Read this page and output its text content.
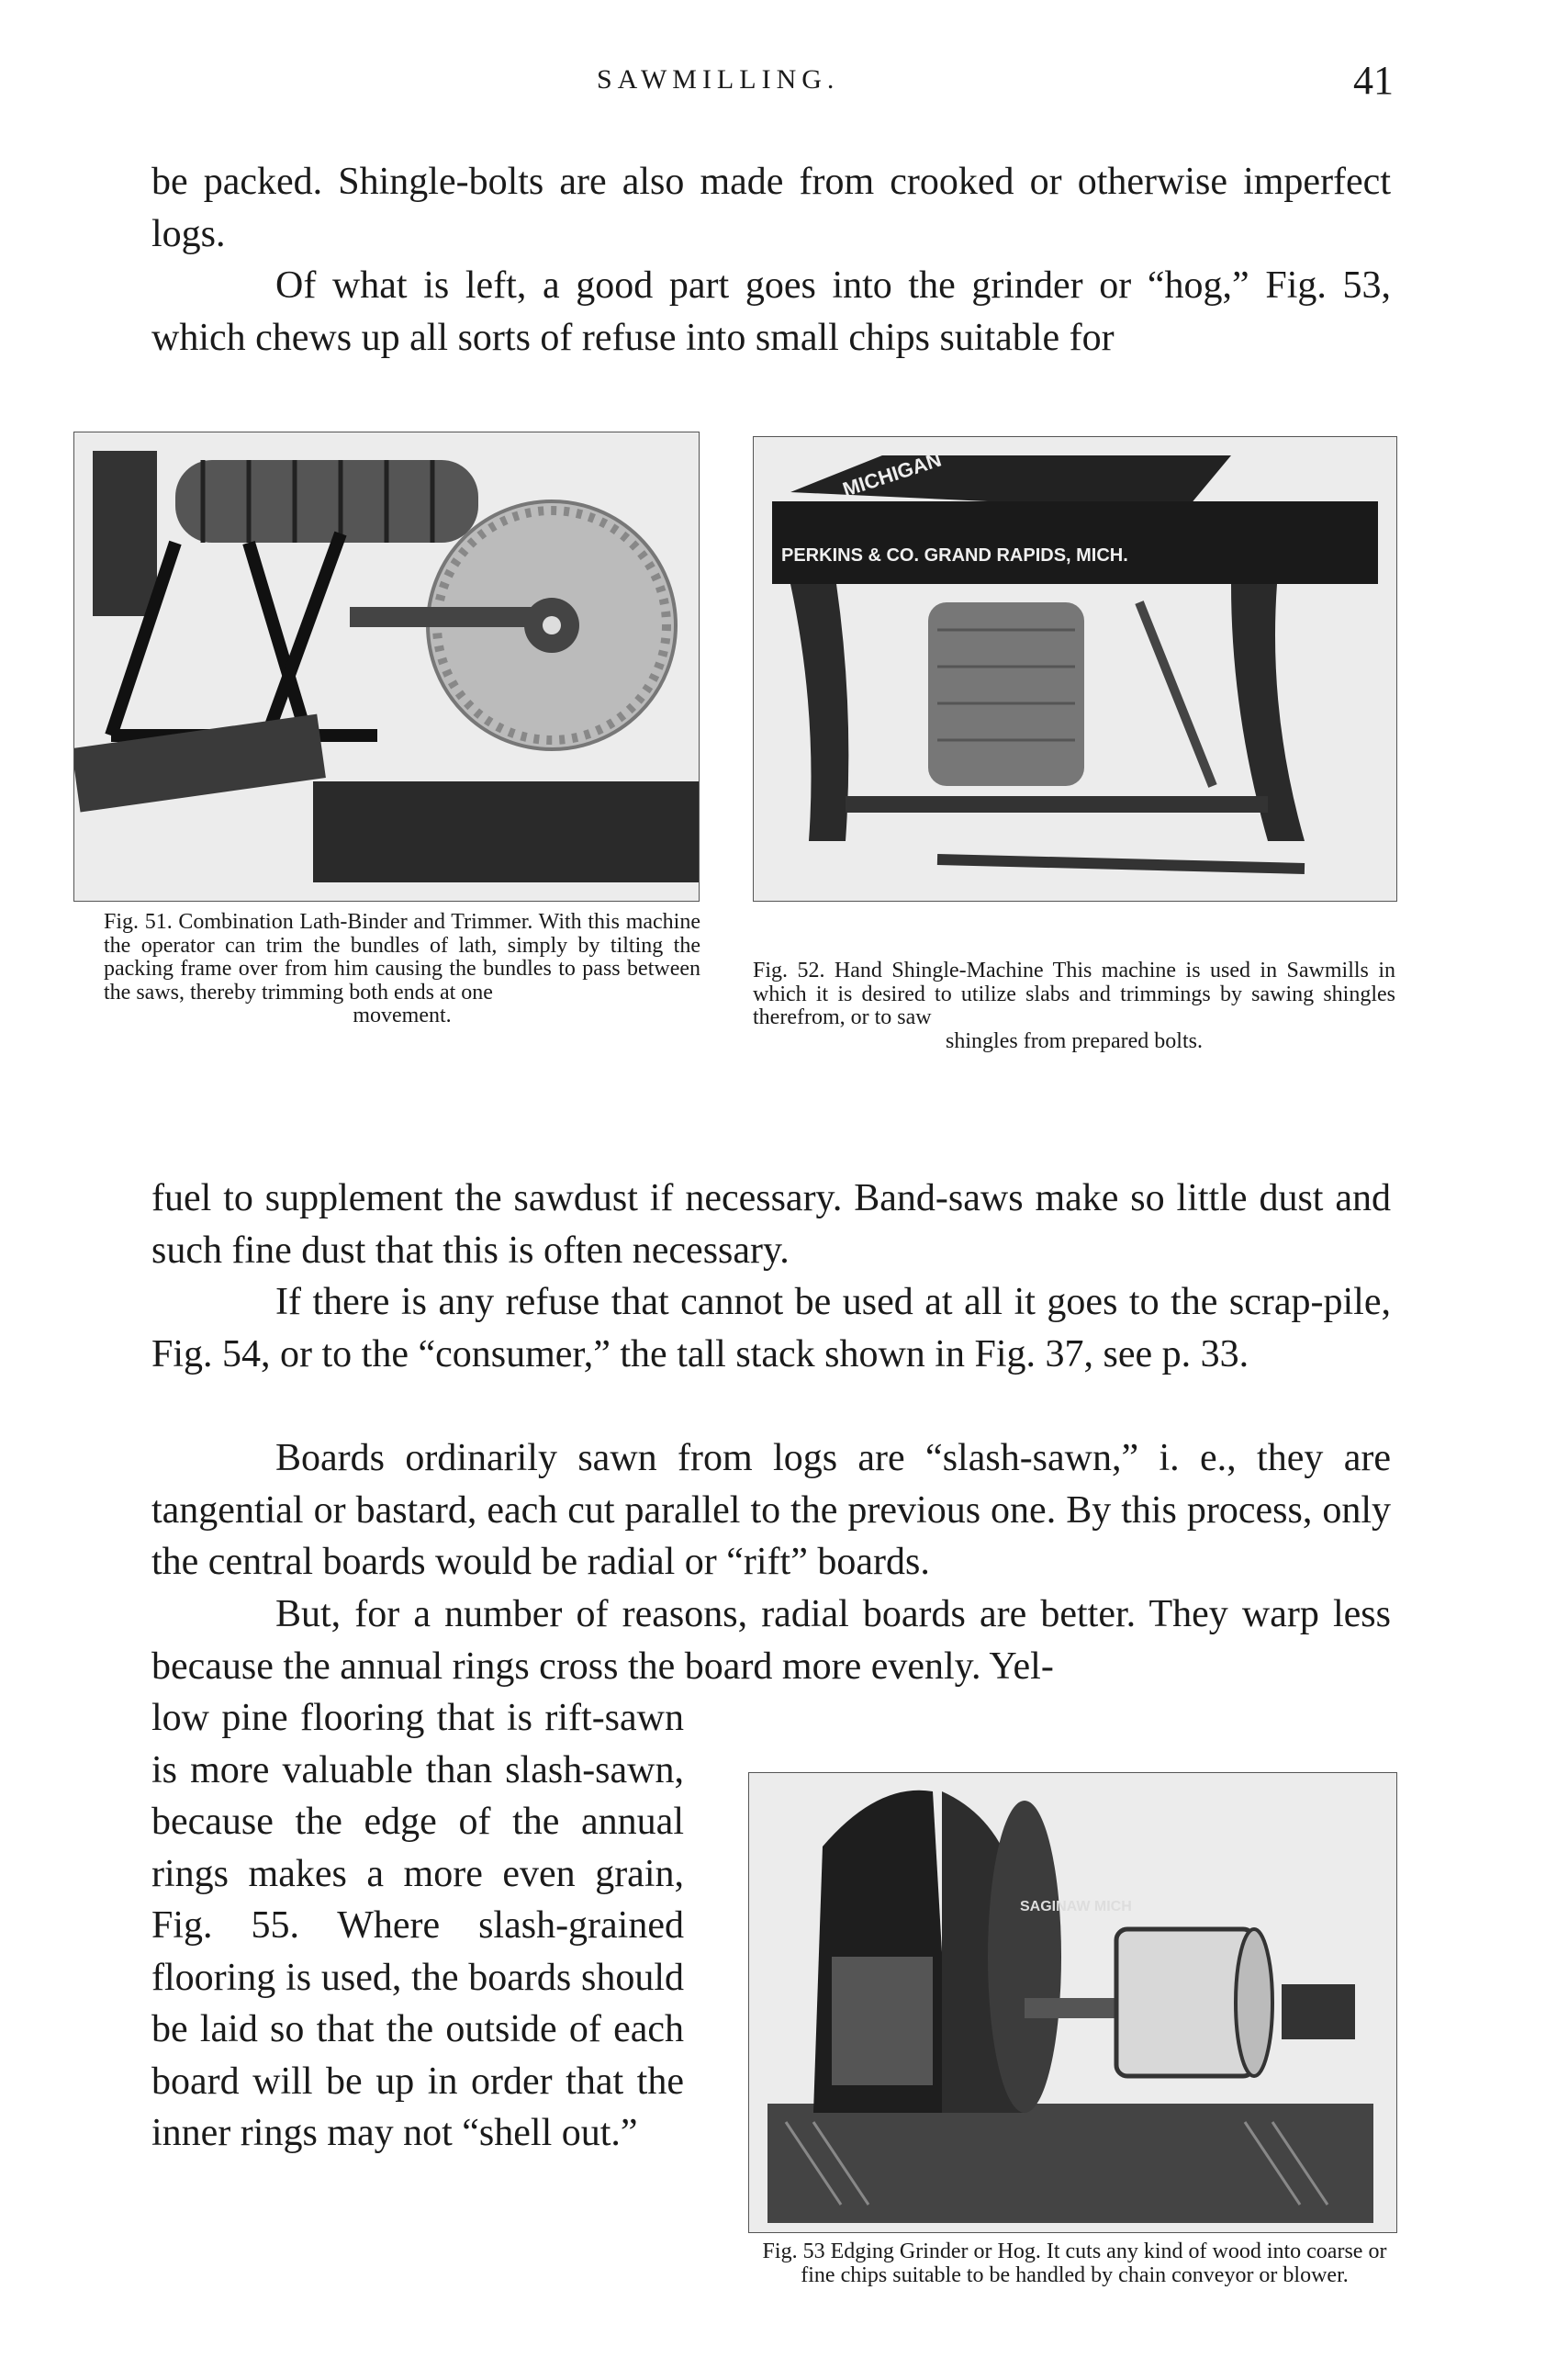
SAWMILLING.	41

be packed. Shingle-bolts are also made from crooked or otherwise imperfect logs.

Of what is left, a good part goes into the grinder or “hog,” Fig. 53, which chews up all sorts of refuse into small chips suitable for

Fig. 51. Combination Lath-Binder and Trimmer. With this machine the operator can trim the bundles of lath, simply by tilting the packing frame over from him causing the bundles to pass between the saws, thereby trimming both ends at one
movement.

MICHIGAN
PERKINS & CO. GRAND RAPIDS, MICH.

Fig. 52. Hand Shingle-Machine This machine is used in Sawmills in which it is desired to utilize slabs and trimmings by sawing shingles therefrom, or to saw
shingles from prepared bolts.

fuel to supplement the sawdust if necessary. Band-saws make so little dust and such fine dust that this is often necessary.

If there is any refuse that cannot be used at all it goes to the scrap-pile, Fig. 54, or to the “consumer,” the tall stack shown in Fig. 37, see p. 33.

Boards ordinarily sawn from logs are “slash-sawn,” i. e., they are tangential or bastard, each cut parallel to the previous one. By this process, only the central boards would be radial or “rift” boards.

But, for a number of reasons, radial boards are better. They warp less because the annual rings cross the board more evenly. Yel-

low pine flooring that is rift-sawn is more valuable than slash-sawn, because the edge of the annual rings makes a more even grain, Fig. 55. Where slash-grained flooring is used, the boards should be laid so that the outside of each board will be up in order that the inner rings may not “shell out.”

SAGINAW MICH

Fig. 53 Edging Grinder or Hog. It cuts any kind of wood into coarse or fine chips suitable to be handled by chain conveyor or blower.
